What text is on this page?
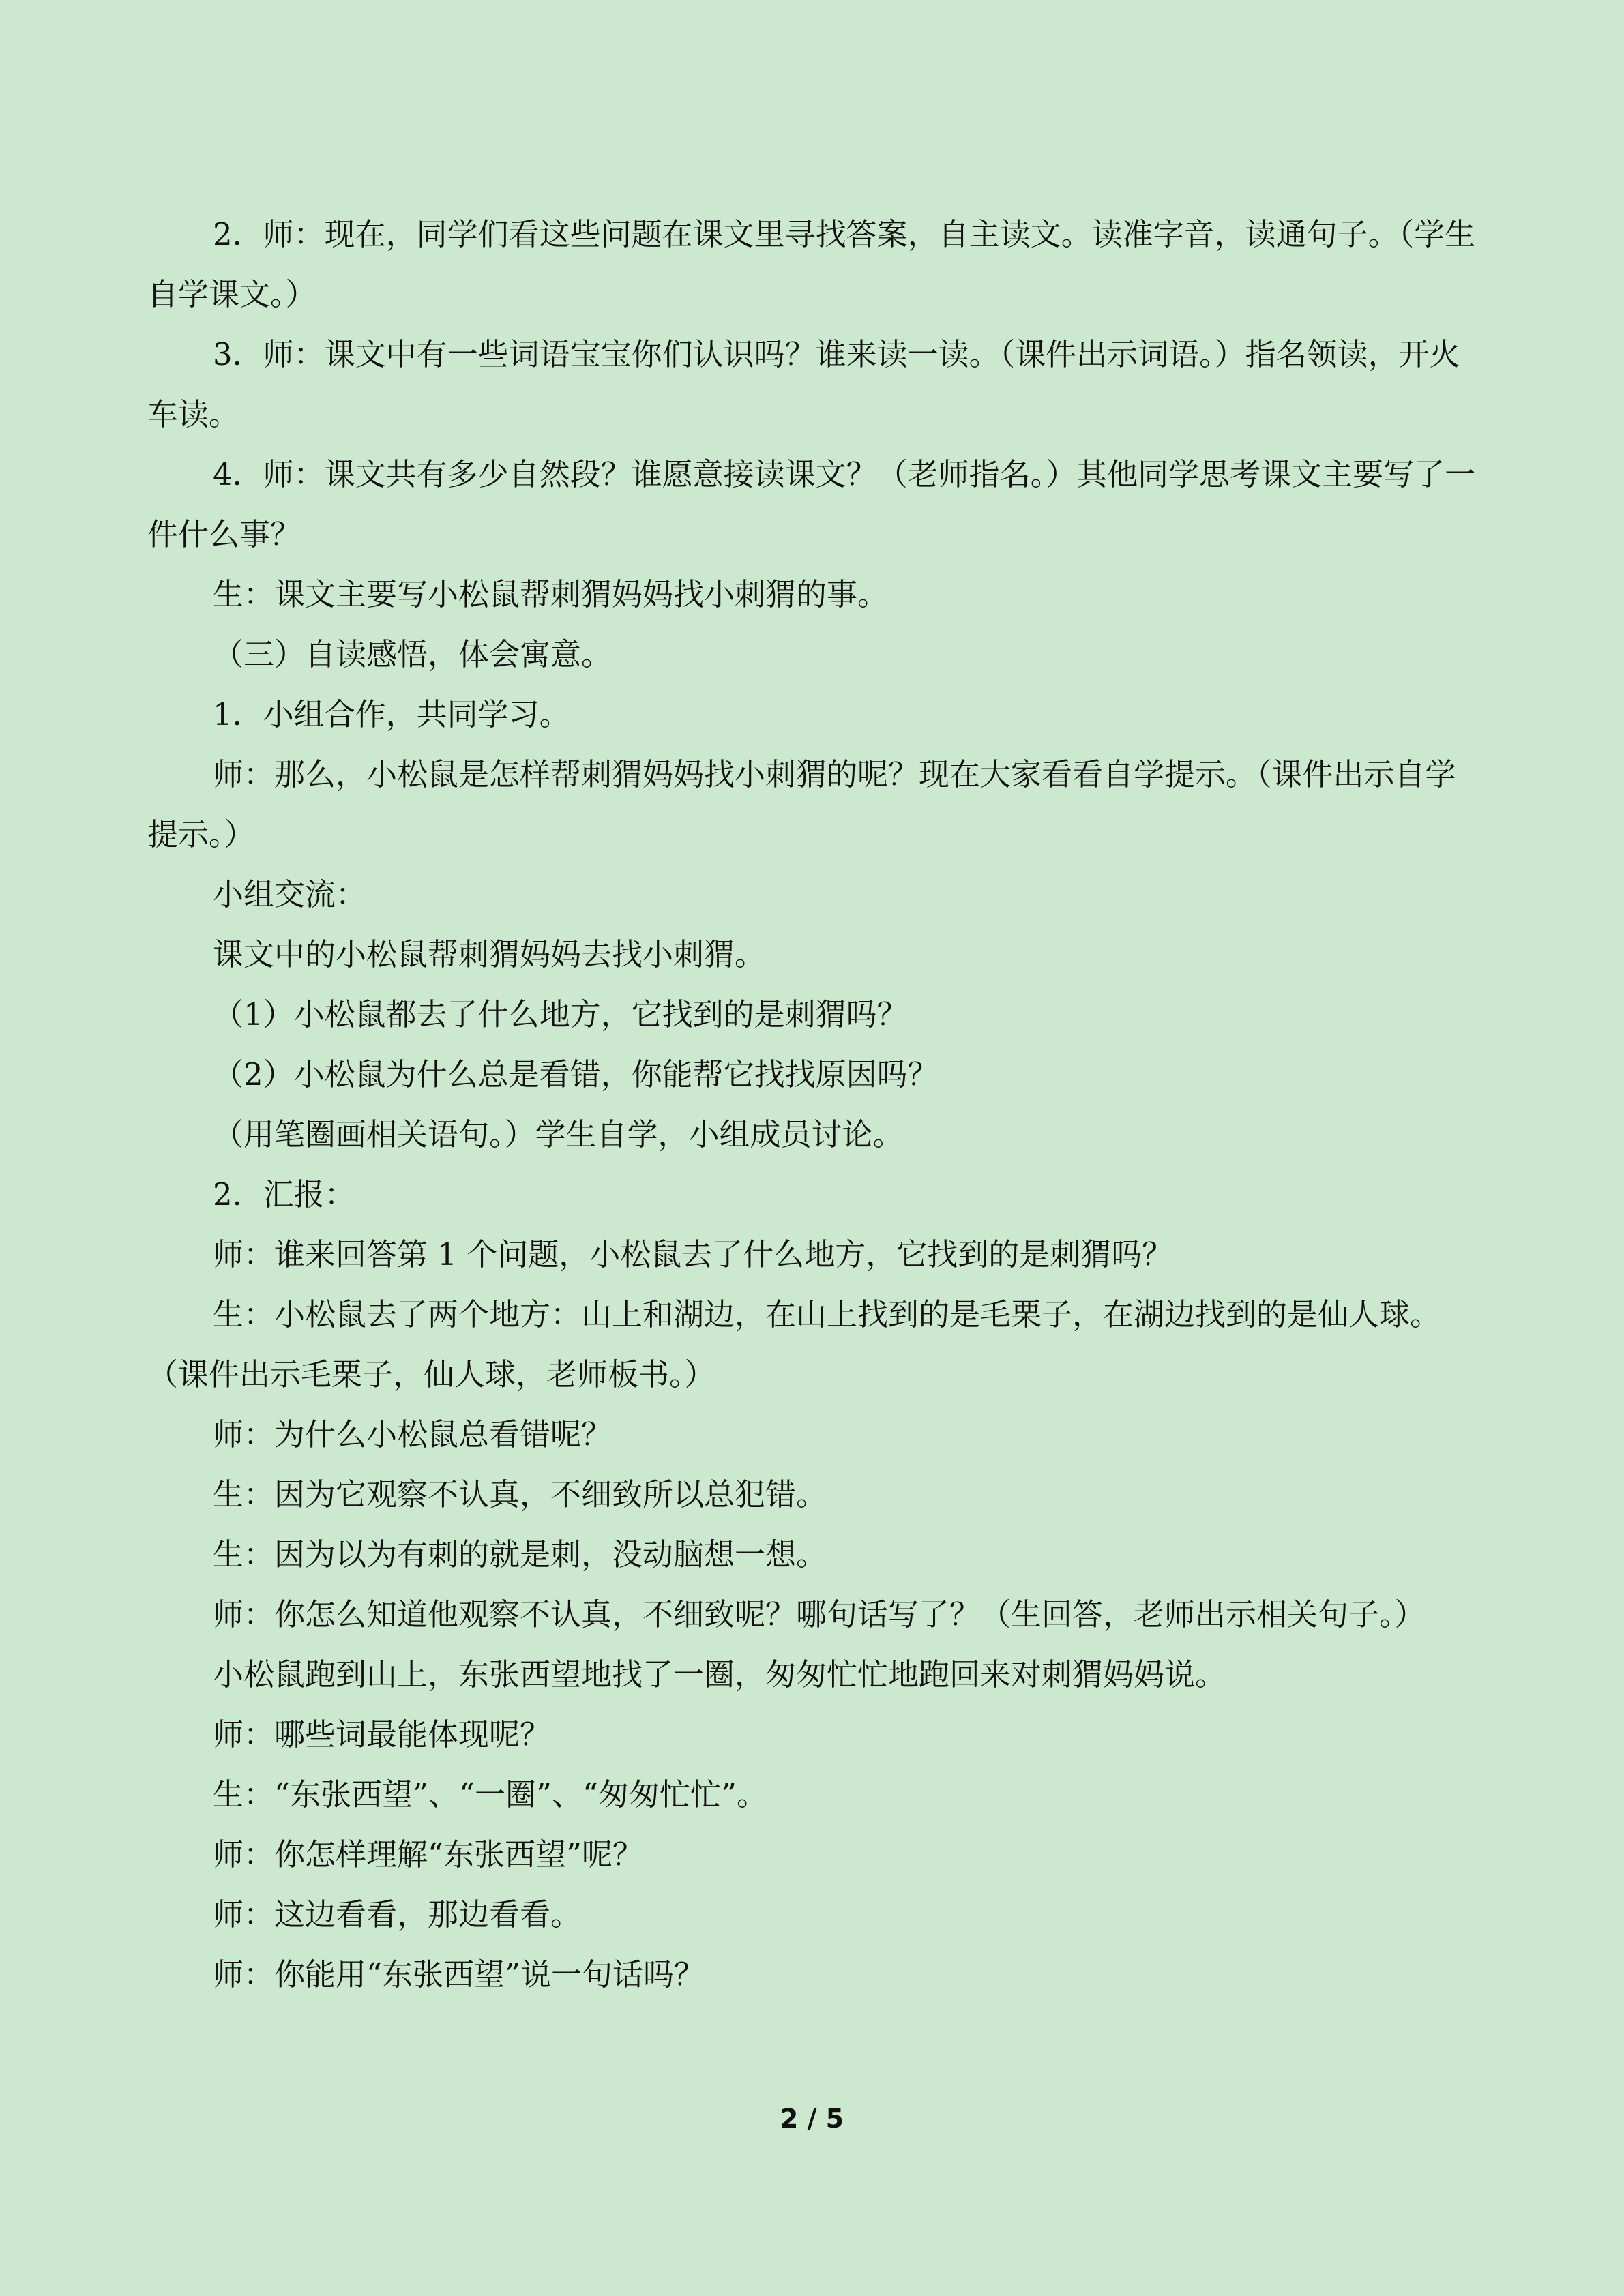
2．师：现在，同学们看这些问题在课文里寻找答案，自主读文。读准字音，读通句子。（学生自学课文。）

3．师：课文中有一些词语宝宝你们认识吗？谁来读一读。（课件出示词语。）指名领读，开火车读。

4．师：课文共有多少自然段？谁愿意接读课文？（老师指名。）其他同学思考课文主要写了一件什么事？

生：课文主要写小松鼠帮刺猬妈妈找小刺猬的事。

（三）自读感悟，体会寓意。

1．小组合作，共同学习。

师：那么，小松鼠是怎样帮刺猬妈妈找小刺猬的呢？现在大家看看自学提示。（课件出示自学提示。）

小组交流：

课文中的小松鼠帮刺猬妈妈去找小刺猬。

（1）小松鼠都去了什么地方，它找到的是刺猬吗？

（2）小松鼠为什么总是看错，你能帮它找找原因吗？

（用笔圈画相关语句。）学生自学，小组成员讨论。

2．汇报：

师：谁来回答第 1 个问题，小松鼠去了什么地方，它找到的是刺猬吗？

生：小松鼠去了两个地方：山上和湖边，在山上找到的是毛栗子，在湖边找到的是仙人球。（课件出示毛栗子，仙人球，老师板书。）

师：为什么小松鼠总看错呢？

生：因为它观察不认真，不细致所以总犯错。

生：因为以为有刺的就是刺，没动脑想一想。

师：你怎么知道他观察不认真，不细致呢？哪句话写了？（生回答，老师出示相关句子。）

小松鼠跑到山上，东张西望地找了一圈，匆匆忙忙地跑回来对刺猬妈妈说。

师：哪些词最能体现呢？

生：“东张西望”、“一圈”、“匆匆忙忙”。

师：你怎样理解“东张西望”呢？

师：这边看看，那边看看。

师：你能用“东张西望”说一句话吗？

2 / 5
